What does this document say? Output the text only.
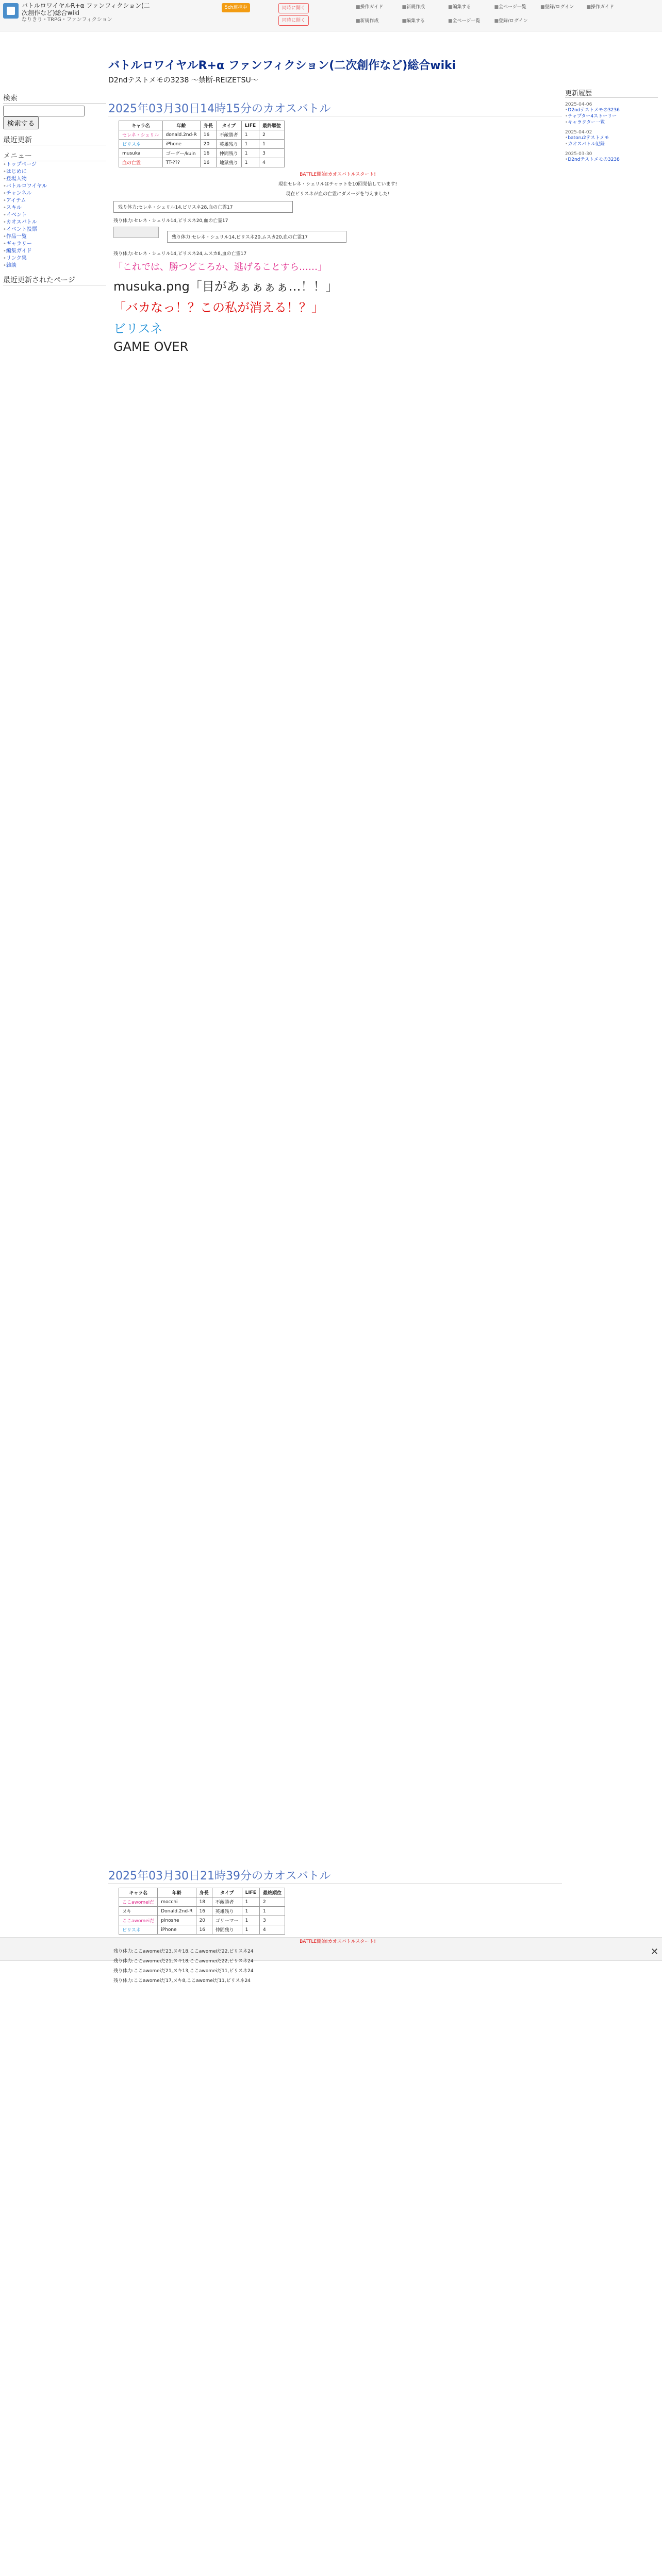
バトルロワイヤルR+α ファンフィクション(二次創作など)総合wiki
なりきり・TRPG・ファンフィクション
5ch連携中	同時に開く
同時に開く
■ 操作ガイド	■ 新規作成	■ 編集する	■ 全ページ一覧	■ 登録/ログイン	■ 操作ガイド ■ 新規作成	■ 編集する	■ 全ページ一覧	■ 登録/ログイン
バトルロワイヤルR+α ファンフィクション(二次創作など)総合wiki
D2ndテストメモの3238 〜禁断-REIZETSU〜
検索
検索する
最近更新
メニュー
• トップページ
• はじめに
• 登場人物
• バトルロワイヤル
• チャンネル
• アイテム
• スキル
• イベント
• カオスバトル
• イベント投票
• 作品一覧
• ギャラリー
• 編集ガイド
• リンク集
• 雑談
最近更新されたページ
更新履歴
2025-04-06
• D2ndテストメモの3236
• チャプター4ストーリー
• キャラクター一覧
2025-04-02
• batoru2テストメモ
• カオスバトル記録
2025-03-30
• D2ndテストメモの3238
2025年03月30日14時15分のカオスバトル
キャラ名	年齢	身長	タイプ	LIFE	最終順位
セレネ・シェリル	donald.2nd-R	16	不敵勝者	1	2
ビリスネ	iPhone	20	英雄残り	1	1
musuka	ゴーグー/kuin	16	仲間残り	1	3
血の亡霊	TT-???	16	地獄残り	1	4
BATTLE開始!カオスバトルスタート!
現在セレネ・シェリルはチャットを10回発信しています!
現在ビリスネが血の亡霊にダメージを与えました!
残り体力:セレネ・シェリル14,ビリスネ28,血の亡霊17
残り体力:セレネ・シェリル14,ビリスネ20,血の亡霊17
残り体力:セレネ・シェリル14,ビリスネ20,ムスカ20,血の亡霊17
残り体力:セレネ・シェリル14,ビリスネ24,ムスカ8,血の亡霊17
「これでは、勝つどころか、逃げることすら……」
musuka.png「目があぁぁぁぁ…！！」
「バカなっ！？この私が消える！？」
ビリスネ
GAME OVER
✕
2025年03月30日21時39分のカオスバトル
キャラ名	年齢	身長	タイプ	LIFE	最終順位
ここawomeiだ	mocchi	18	不敵勝者	1	2
ヌキ	Donald.2nd-R	16	英雄残り	1	1
ここawomeiだ	pinoshe	20	ゴリーマー	1	3
ビリスネ	iPhone	16	仲間残り	1	4
BATTLE開始!カオスバトルスタート!
残り体力:ここawomeiだ23,ヌキ18,ここawomeiだ22,ビリスネ24
残り体力:ここawomeiだ21,ヌキ18,ここawomeiだ22,ビリスネ24
残り体力:ここawomeiだ21,ヌキ13,ここawomeiだ11,ビリスネ24
残り体力:ここawomeiだ17,ヌキ8,ここawomeiだ11,ビリスネ24
